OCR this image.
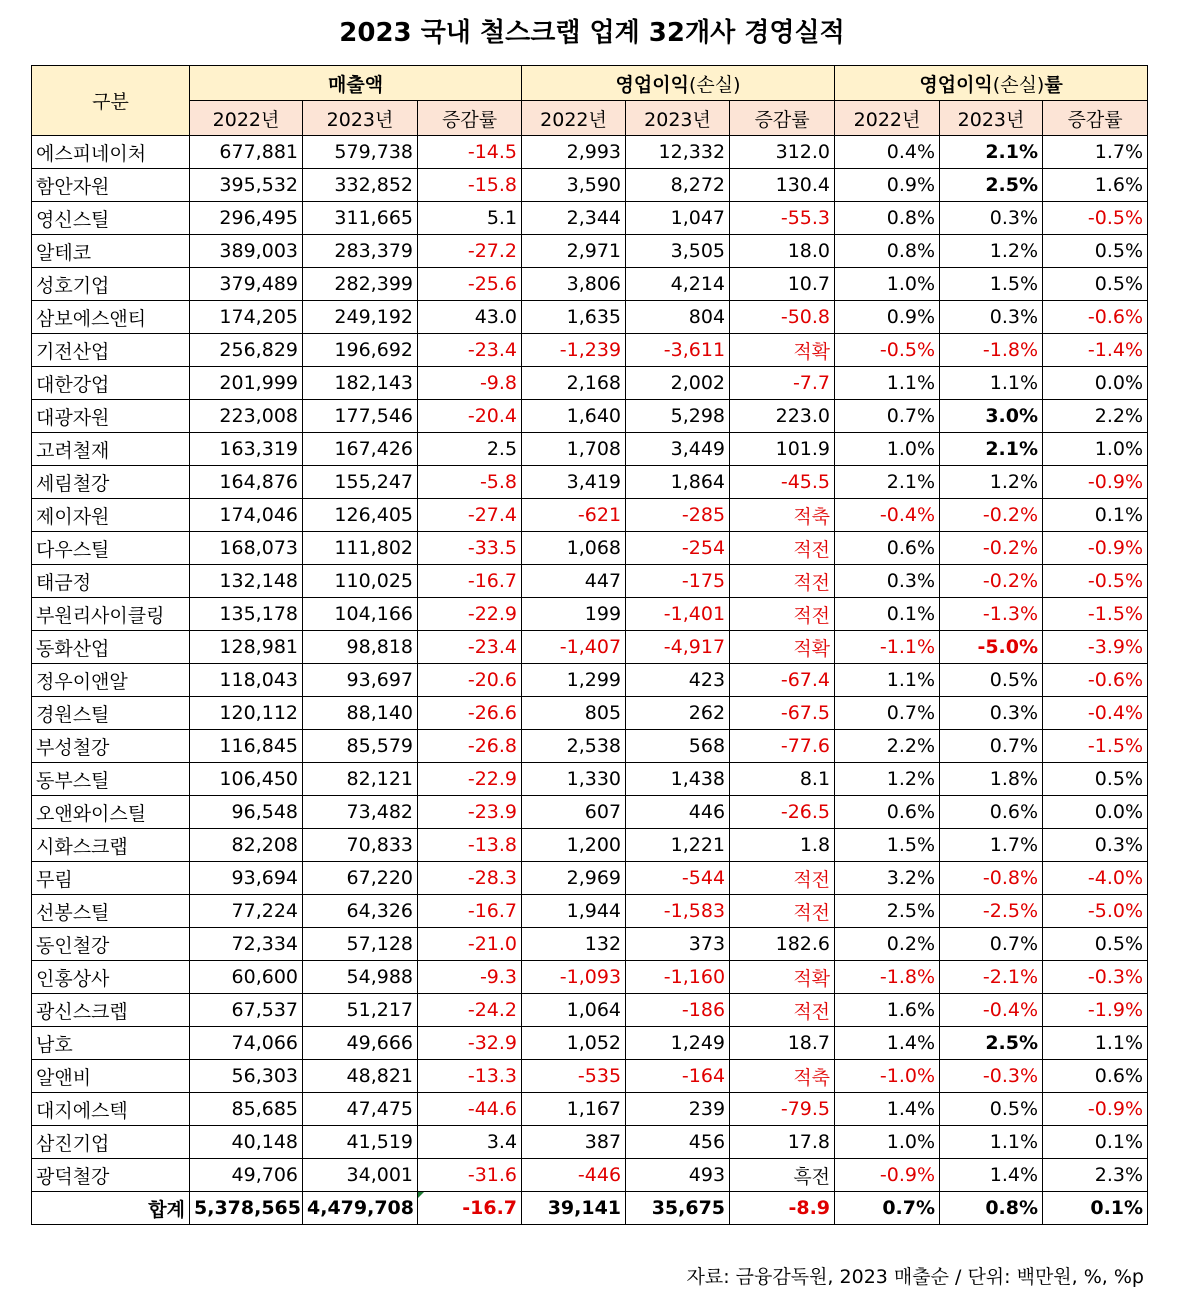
2023 국내 철스크랩 업계 32개사 경영실적
구분	매출액			영업이익(손실)			영업이익(손실)률		
	2022년	2023년	증감률	2022년	2023년	증감률	2022년	2023년	증감률
에스피네이처	677,881	579,738	-14.5	2,993	12,332	312.0	0.4%	2.1%	1.7%
함안자원	395,532	332,852	-15.8	3,590	8,272	130.4	0.9%	2.5%	1.6%
영신스틸	296,495	311,665	5.1	2,344	1,047	-55.3	0.8%	0.3%	-0.5%
알테코	389,003	283,379	-27.2	2,971	3,505	18.0	0.8%	1.2%	0.5%
성호기업	379,489	282,399	-25.6	3,806	4,214	10.7	1.0%	1.5%	0.5%
삼보에스앤티	174,205	249,192	43.0	1,635	804	-50.8	0.9%	0.3%	-0.6%
기전산업	256,829	196,692	-23.4	-1,239	-3,611	적확	-0.5%	-1.8%	-1.4%
대한강업	201,999	182,143	-9.8	2,168	2,002	-7.7	1.1%	1.1%	0.0%
대광자원	223,008	177,546	-20.4	1,640	5,298	223.0	0.7%	3.0%	2.2%
고려철재	163,319	167,426	2.5	1,708	3,449	101.9	1.0%	2.1%	1.0%
세림철강	164,876	155,247	-5.8	3,419	1,864	-45.5	2.1%	1.2%	-0.9%
제이자원	174,046	126,405	-27.4	-621	-285	적축	-0.4%	-0.2%	0.1%
다우스틸	168,073	111,802	-33.5	1,068	-254	적전	0.6%	-0.2%	-0.9%
태금정	132,148	110,025	-16.7	447	-175	적전	0.3%	-0.2%	-0.5%
부원리사이클링	135,178	104,166	-22.9	199	-1,401	적전	0.1%	-1.3%	-1.5%
동화산업	128,981	98,818	-23.4	-1,407	-4,917	적확	-1.1%	-5.0%	-3.9%
정우이앤알	118,043	93,697	-20.6	1,299	423	-67.4	1.1%	0.5%	-0.6%
경원스틸	120,112	88,140	-26.6	805	262	-67.5	0.7%	0.3%	-0.4%
부성철강	116,845	85,579	-26.8	2,538	568	-77.6	2.2%	0.7%	-1.5%
동부스틸	106,450	82,121	-22.9	1,330	1,438	8.1	1.2%	1.8%	0.5%
오앤와이스틸	96,548	73,482	-23.9	607	446	-26.5	0.6%	0.6%	0.0%
시화스크랩	82,208	70,833	-13.8	1,200	1,221	1.8	1.5%	1.7%	0.3%
무림	93,694	67,220	-28.3	2,969	-544	적전	3.2%	-0.8%	-4.0%
선봉스틸	77,224	64,326	-16.7	1,944	-1,583	적전	2.5%	-2.5%	-5.0%
동인철강	72,334	57,128	-21.0	132	373	182.6	0.2%	0.7%	0.5%
인홍상사	60,600	54,988	-9.3	-1,093	-1,160	적확	-1.8%	-2.1%	-0.3%
광신스크렙	67,537	51,217	-24.2	1,064	-186	적전	1.6%	-0.4%	-1.9%
남호	74,066	49,666	-32.9	1,052	1,249	18.7	1.4%	2.5%	1.1%
알앤비	56,303	48,821	-13.3	-535	-164	적축	-1.0%	-0.3%	0.6%
대지에스텍	85,685	47,475	-44.6	1,167	239	-79.5	1.4%	0.5%	-0.9%
삼진기업	40,148	41,519	3.4	387	456	17.8	1.0%	1.1%	0.1%
광덕철강	49,706	34,001	-31.6	-446	493	흑전	-0.9%	1.4%	2.3%
합계	5,378,565	4,479,708	-16.7	39,141	35,675	-8.9	0.7%	0.8%	0.1%
자료: 금융감독원, 2023 매출순 / 단위: 백만원, %, %p
